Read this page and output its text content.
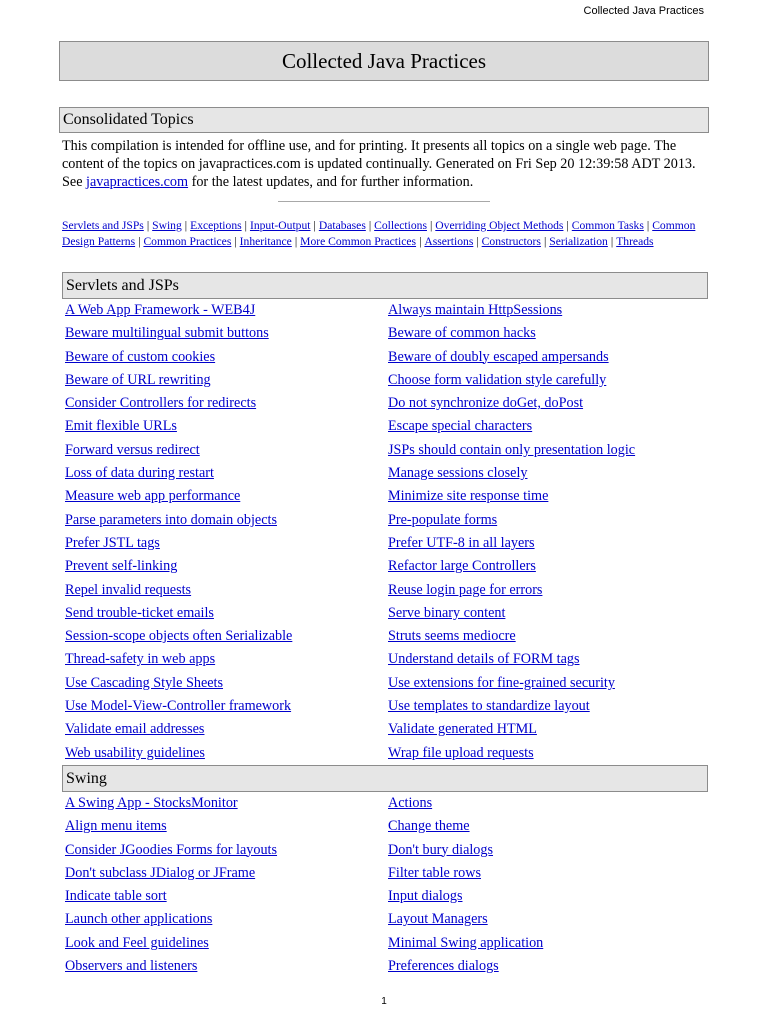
Collected Java Practices
Collected Java Practices
Consolidated Topics
This compilation is intended for offline use, and for printing. It presents all topics on a single web page. The content of the topics on javapractices.com is updated continually. Generated on Fri Sep 20 12:39:58 ADT 2013. See javapractices.com for the latest updates, and for further information.
Servlets and JSPs | Swing | Exceptions | Input-Output | Databases | Collections | Overriding Object Methods | Common Tasks | Common Design Patterns | Common Practices | Inheritance | More Common Practices | Assertions | Constructors | Serialization | Threads
Servlets and JSPs
A Web App Framework - WEB4J
Beware multilingual submit buttons
Beware of custom cookies
Beware of URL rewriting
Consider Controllers for redirects
Emit flexible URLs
Forward versus redirect
Loss of data during restart
Measure web app performance
Parse parameters into domain objects
Prefer JSTL tags
Prevent self-linking
Repel invalid requests
Send trouble-ticket emails
Session-scope objects often Serializable
Thread-safety in web apps
Use Cascading Style Sheets
Use Model-View-Controller framework
Validate email addresses
Web usability guidelines
Always maintain HttpSessions
Beware of common hacks
Beware of doubly escaped ampersands
Choose form validation style carefully
Do not synchronize doGet, doPost
Escape special characters
JSPs should contain only presentation logic
Manage sessions closely
Minimize site response time
Pre-populate forms
Prefer UTF-8 in all layers
Refactor large Controllers
Reuse login page for errors
Serve binary content
Struts seems mediocre
Understand details of FORM tags
Use extensions for fine-grained security
Use templates to standardize layout
Validate generated HTML
Wrap file upload requests
Swing
A Swing App - StocksMonitor
Align menu items
Consider JGoodies Forms for layouts
Don't subclass JDialog or JFrame
Indicate table sort
Launch other applications
Look and Feel guidelines
Observers and listeners
Actions
Change theme
Don't bury dialogs
Filter table rows
Input dialogs
Layout Managers
Minimal Swing application
Preferences dialogs
1
